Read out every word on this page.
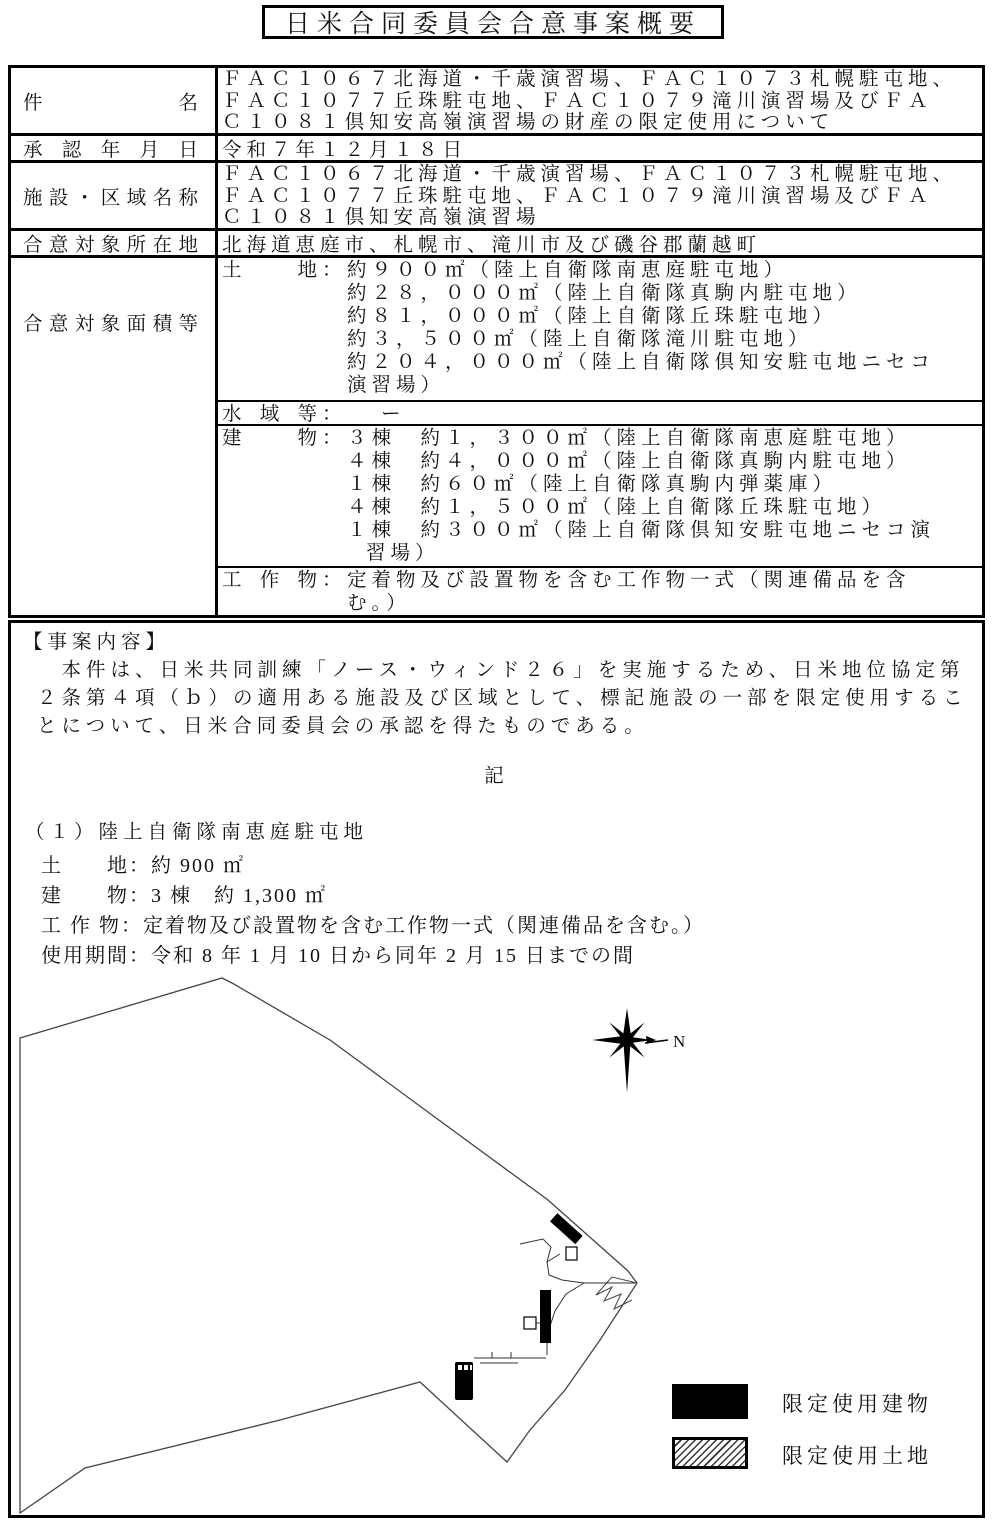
日米合同委員会合意事案概要
件名
ＦＡＣ１０６７北海道・千歳演習場、ＦＡＣ１０７３札幌駐屯地、
ＦＡＣ１０７７丘珠駐屯地、ＦＡＣ１０７９滝川演習場及びＦＡ
Ｃ１０８１倶知安高嶺演習場の財産の限定使用について
承認年月日 令和７年１２月１８日
施設・区域名称
ＦＡＣ１０６７北海道・千歳演習場、ＦＡＣ１０７３札幌駐屯地、
ＦＡＣ１０７７丘珠駐屯地、ＦＡＣ１０７９滝川演習場及びＦＡ
Ｃ１０８１倶知安高嶺演習場
合意対象所在地 北海道恵庭市、札幌市、滝川市及び磯谷郡蘭越町
合意対象面積等
土地 ： 約９００㎡（陸上自衛隊南恵庭駐屯地）
約２８，０００㎡（陸上自衛隊真駒内駐屯地）
約８１，０００㎡（陸上自衛隊丘珠駐屯地）
約３，５００㎡（陸上自衛隊滝川駐屯地）
約２０４，０００㎡（陸上自衛隊倶知安駐屯地ニセコ
演習場）
水域等 ： ー
建物 ： ３棟　約１，３００㎡（陸上自衛隊南恵庭駐屯地）
４棟　約４，０００㎡（陸上自衛隊真駒内駐屯地）
１棟　約６０㎡（陸上自衛隊真駒内弾薬庫）
４棟　約１，５００㎡（陸上自衛隊丘珠駐屯地）
１棟　約３００㎡（陸上自衛隊倶知安駐屯地ニセコ演
習場）
工作物 ： 定着物及び設置物を含む工作物一式（関連備品を含
む。）
【事案内容】
　本件は、日米共同訓練「ノース・ウィンド２６」を実施するため、日米地位協定第
２条第４項（ｂ）の適用ある施設及び区域として、標記施設の一部を限定使用するこ
とについて、日米合同委員会の承認を得たものである。
記
（１）陸上自衛隊南恵庭駐屯地
土　　地：約 900 ㎡
建　　物：3 棟　約 1,300 ㎡
工 作 物：定着物及び設置物を含む工作物一式（関連備品を含む。）
使用期間：令和 8 年 1 月 10 日から同年 2 月 15 日までの間
N
限定使用建物
限定使用土地
